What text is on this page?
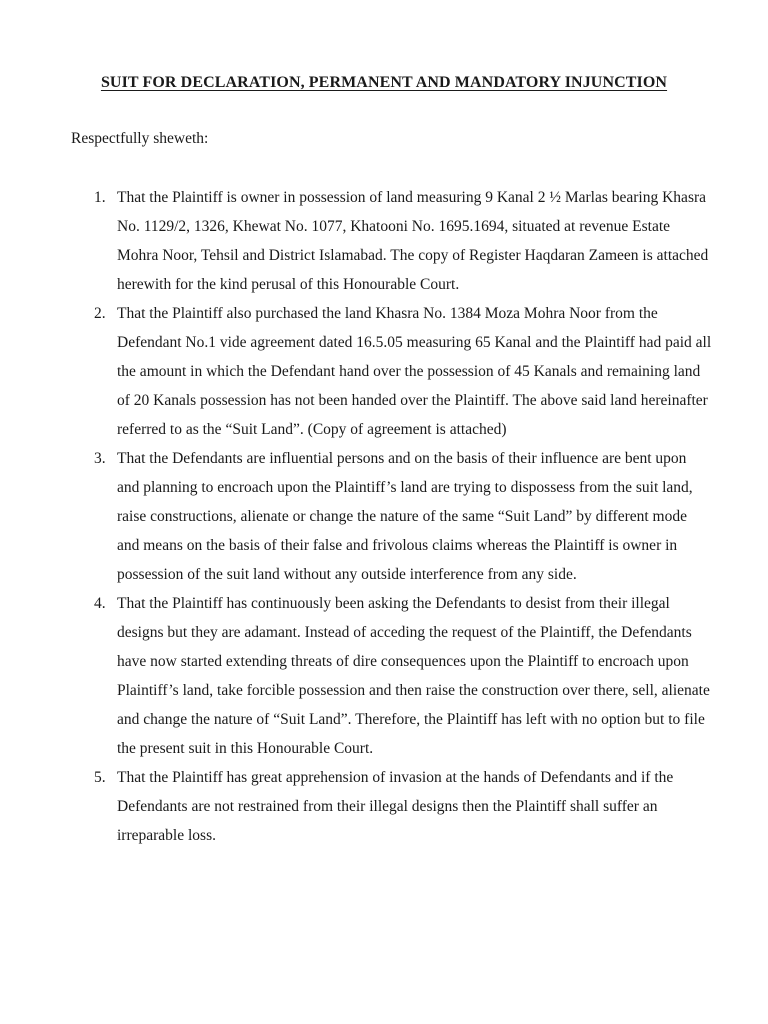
SUIT FOR DECLARATION, PERMANENT AND MANDATORY INJUNCTION

Respectfully sheweth:

1. That the Plaintiff is owner in possession of land measuring 9 Kanal 2 ½ Marlas bearing Khasra No. 1129/2, 1326, Khewat No. 1077, Khatooni No. 1695.1694, situated at revenue Estate Mohra Noor, Tehsil and District Islamabad. The copy of Register Haqdaran Zameen is attached herewith for the kind perusal of this Honourable Court.
2. That the Plaintiff also purchased the land Khasra No. 1384 Moza Mohra Noor from the Defendant No.1 vide agreement dated 16.5.05 measuring 65 Kanal and the Plaintiff had paid all the amount in which the Defendant hand over the possession of 45 Kanals and remaining land of 20 Kanals possession has not been handed over the Plaintiff. The above said land hereinafter referred to as the “Suit Land”. (Copy of agreement is attached)
3. That the Defendants are influential persons and on the basis of their influence are bent upon and planning to encroach upon the Plaintiff’s land are trying to dispossess from the suit land, raise constructions, alienate or change the nature of the same “Suit Land” by different mode and means on the basis of their false and frivolous claims whereas the Plaintiff is owner in possession of the suit land without any outside interference from any side.
4. That the Plaintiff has continuously been asking the Defendants to desist from their illegal designs but they are adamant. Instead of acceding the request of the Plaintiff, the Defendants have now started extending threats of dire consequences upon the Plaintiff to encroach upon Plaintiff’s land, take forcible possession and then raise the construction over there, sell, alienate and change the nature of “Suit Land”. Therefore, the Plaintiff has left with no option but to file the present suit in this Honourable Court.
5. That the Plaintiff has great apprehension of invasion at the hands of Defendants and if the Defendants are not restrained from their illegal designs then the Plaintiff shall suffer an irreparable loss.
